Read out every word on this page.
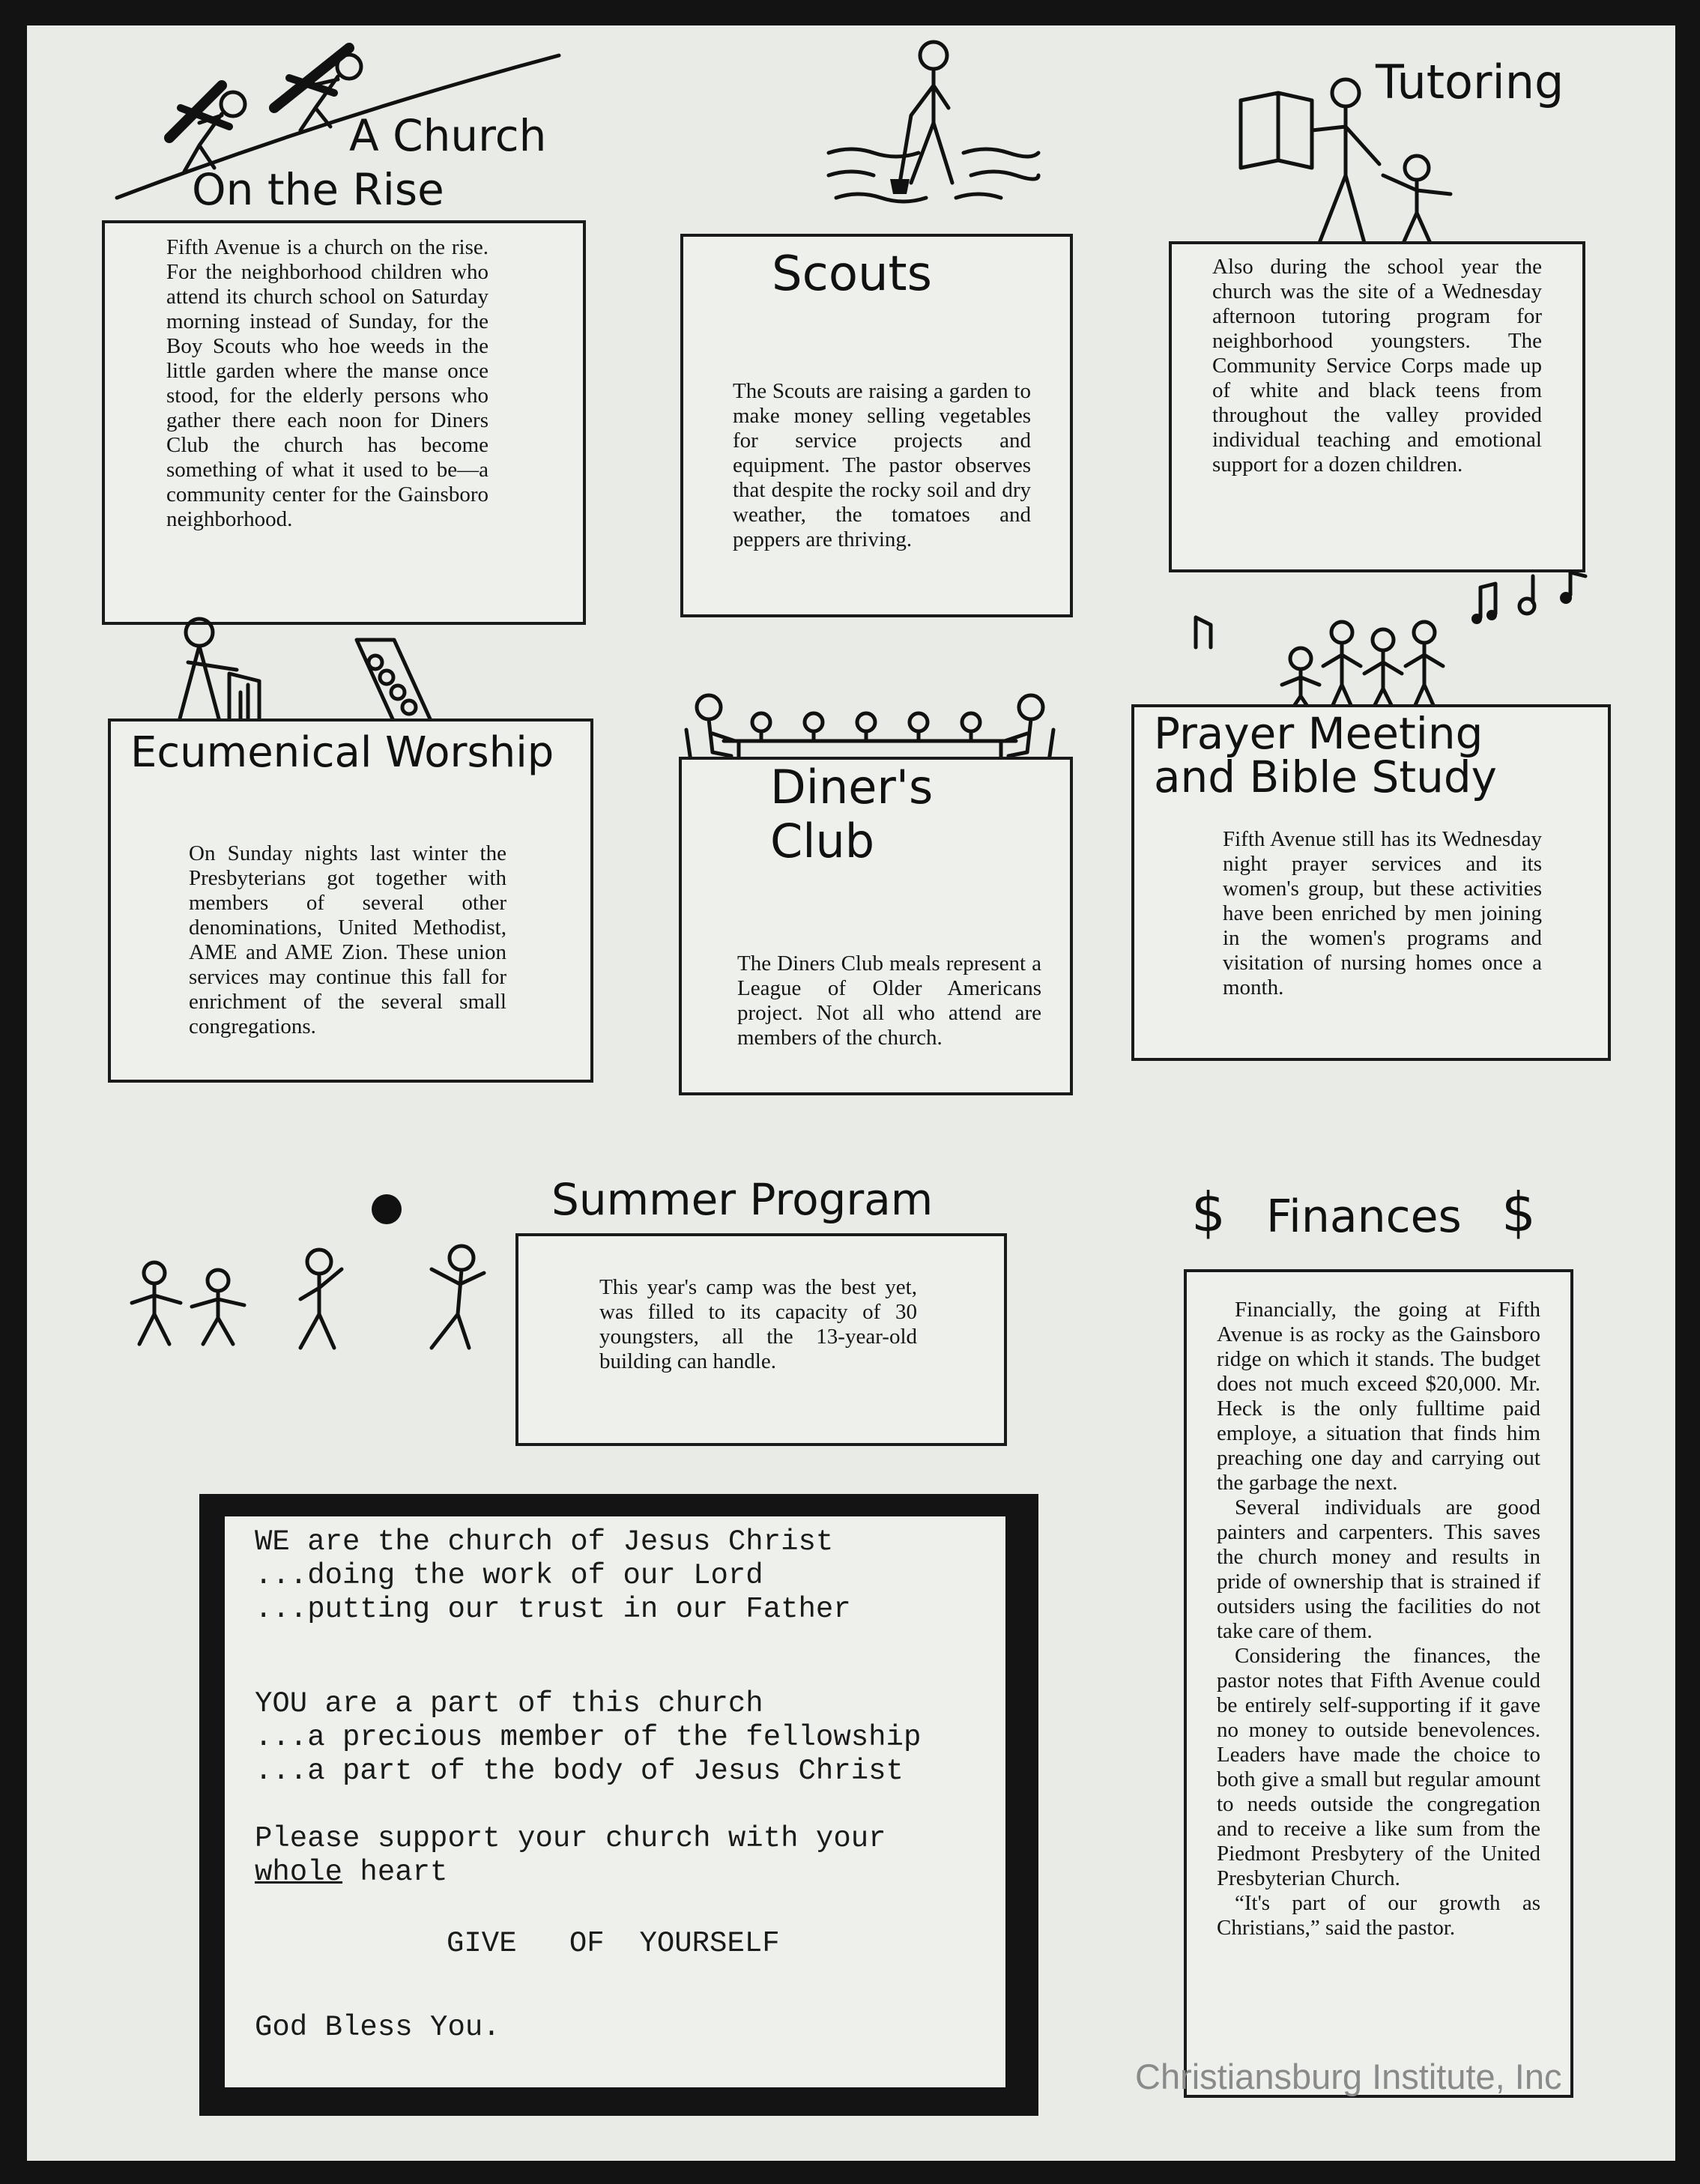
A Church
On the Rise
Fifth Avenue is a church on the rise. For the neighborhood children who attend its church school on Saturday morning instead of Sunday, for the Boy Scouts who hoe weeds in the little garden where the manse once stood, for the elderly persons who gather there each noon for Diners Club the church has become something of what it used to be—a community center for the Gainsboro neighborhood.
Scouts
The Scouts are raising a garden to make money selling vegetables for service projects and equipment. The pastor observes that despite the rocky soil and dry weather, the tomatoes and peppers are thriving.
Tutoring
Also during the school year the church was the site of a Wednesday afternoon tutoring program for neighborhood youngsters. The Community Service Corps made up of white and black teens from throughout the valley provided individual teaching and emotional support for a dozen children.
Ecumenical Worship
On Sunday nights last winter the Presbyterians got together with members of several other denominations, United Methodist, AME and AME Zion. These union services may continue this fall for enrichment of the several small congregations.
Diner's
Club
The Diners Club meals represent a League of Older Americans project. Not all who attend are members of the church.
Prayer Meeting
and Bible Study
Fifth Avenue still has its Wednesday night prayer services and its women's group, but these activities have been enriched by men joining in the women's programs and visitation of nursing homes once a month.
Summer Program
This year's camp was the best yet, was filled to its capacity of 30 youngsters, all the 13-year-old building can handle.
$ Finances $

Financially, the going at Fifth Avenue is as rocky as the Gainsboro ridge on which it stands. The budget does not much exceed $20,000. Mr. Heck is the only fulltime paid employe, a situation that finds him preaching one day and carrying out the garbage the next.

Several individuals are good painters and carpenters. This saves the church money and results in pride of ownership that is strained if outsiders using the facilities do not take care of them.

Considering the finances, the pastor notes that Fifth Avenue could be entirely self-supporting if it gave no money to outside benevolences. Leaders have made the choice to both give a small but regular amount to needs outside the congregation and to receive a like sum from the Piedmont Presbytery of the United Presbyterian Church.

“It's part of our growth as Christians,” said the pastor.

WE are the church of Jesus Christ
...doing the work of our Lord
...putting our trust in our Father
YOU are a part of this church
...a precious member of the fellowship
...a part of the body of Jesus Christ
Please support your church with your
whole heart
GIVE   OF  YOURSELF
God Bless You.
Christiansburg Institute, Inc
